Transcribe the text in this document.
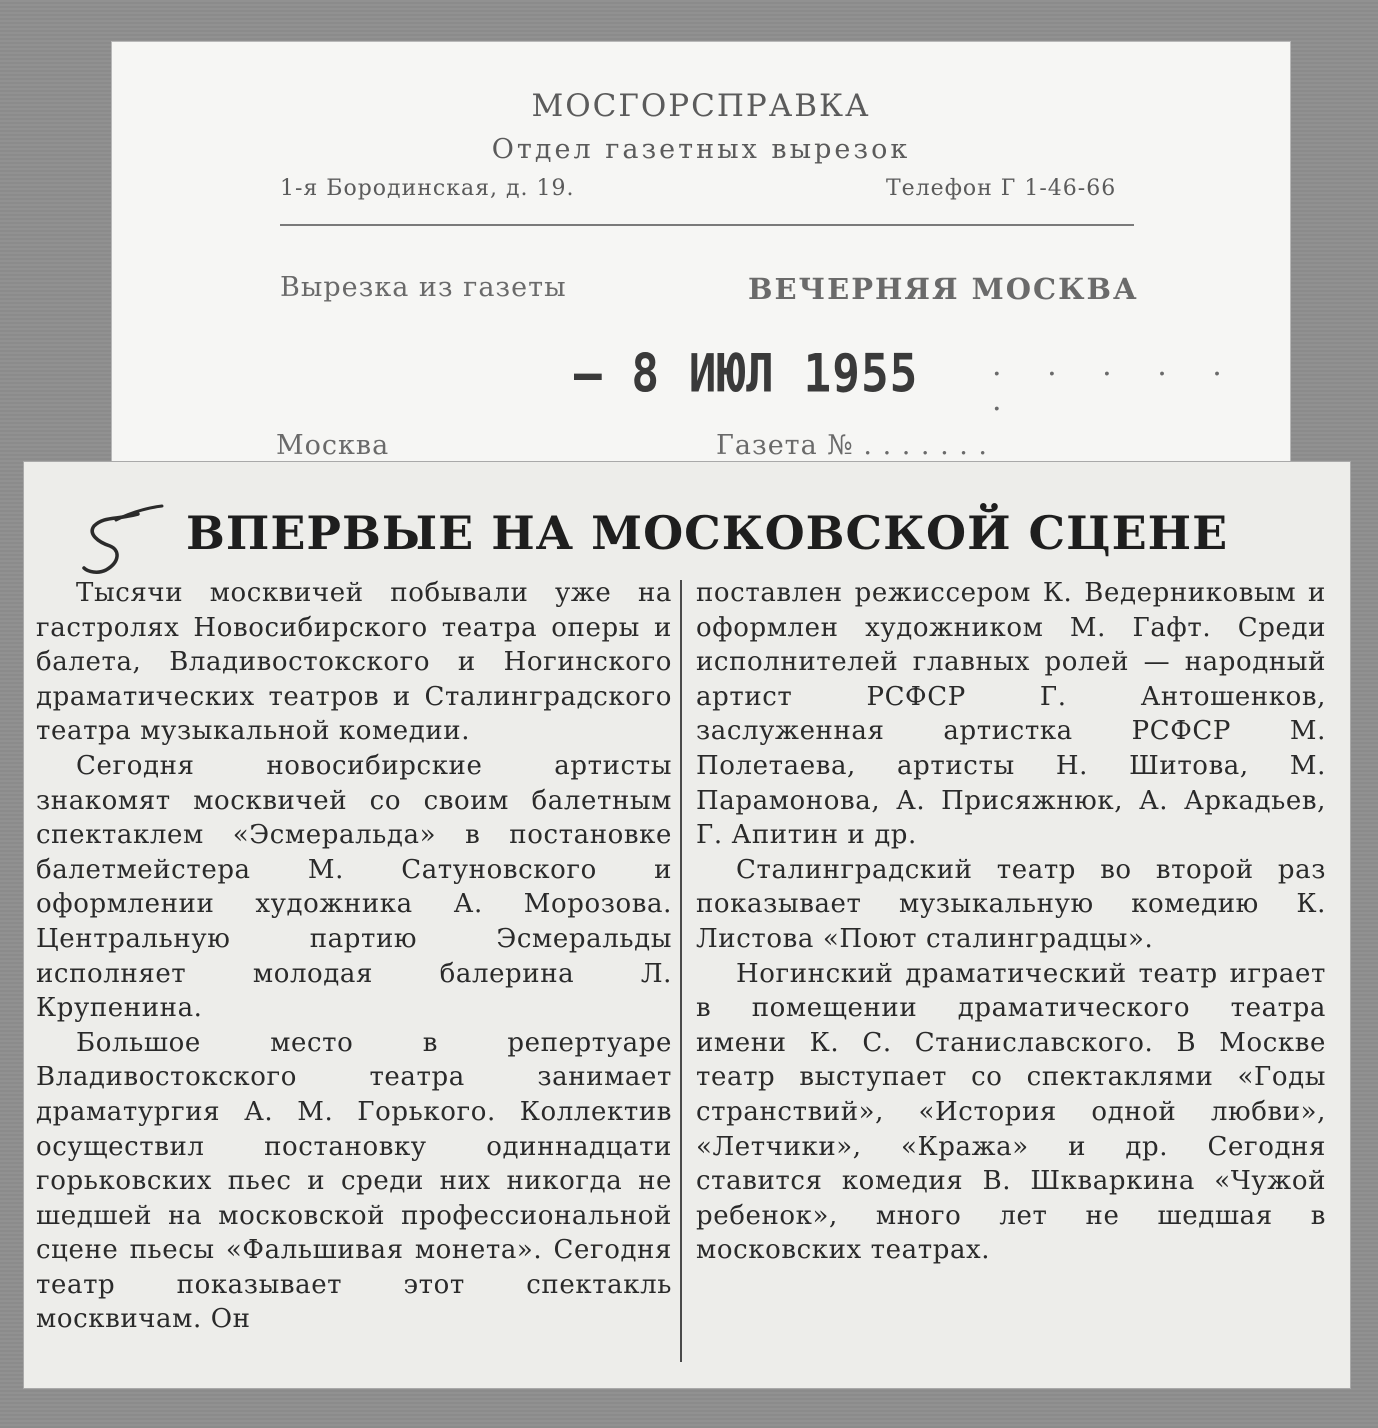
МОСГОРСПРАВКА
Отдел газетных вырезок
1-я Бородинская, д. 19.	Телефон Г 1-46-66
Вырезка из газеты	ВЕЧЕРНЯЯ МОСКВА
– 8 ИЮЛ 1955 . . . . . .
Москва	Газета № . . . . . . .
ВПЕРВЫЕ НА МОСКОВСКОЙ СЦЕНЕ

Тысячи москвичей побывали уже на гастролях Новосибирского театра оперы и балета, Владивостокского и Ногинского драматических театров и Сталинградского театра музыкальной комедии.

Сегодня новосибирские артисты знакомят москвичей со своим балетным спектаклем «Эсмеральда» в постановке балетмейстера М. Сатуновского и оформлении художника А. Морозова. Центральную партию Эсмеральды исполняет молодая балерина Л. Крупенина.

Большое место в репертуаре Владивостокского театра занимает драматургия А. М. Горького. Коллектив осуществил постановку одиннадцати горьковских пьес и среди них никогда не шедшей на московской профессиональной сцене пьесы «Фальшивая монета». Сегодня театр показывает этот спектакль москвичам. Он

поставлен режиссером К. Ведерниковым и оформлен художником М. Гафт. Среди исполнителей главных ролей — народный артист РСФСР Г. Антошенков, заслуженная артистка РСФСР М. Полетаева, артисты Н. Шитова, М. Парамонова, А. Присяжнюк, А. Аркадьев, Г. Апитин и др.

Сталинградский театр во второй раз показывает музыкальную комедию К. Листова «Поют сталинградцы».

Ногинский драматический театр играет в помещении драматического театра имени К. С. Станиславского. В Москве театр выступает со спектаклями «Годы странствий», «История одной любви», «Летчики», «Кража» и др. Сегодня ставится комедия В. Шкваркина «Чужой ребенок», много лет не шедшая в московских театрах.
